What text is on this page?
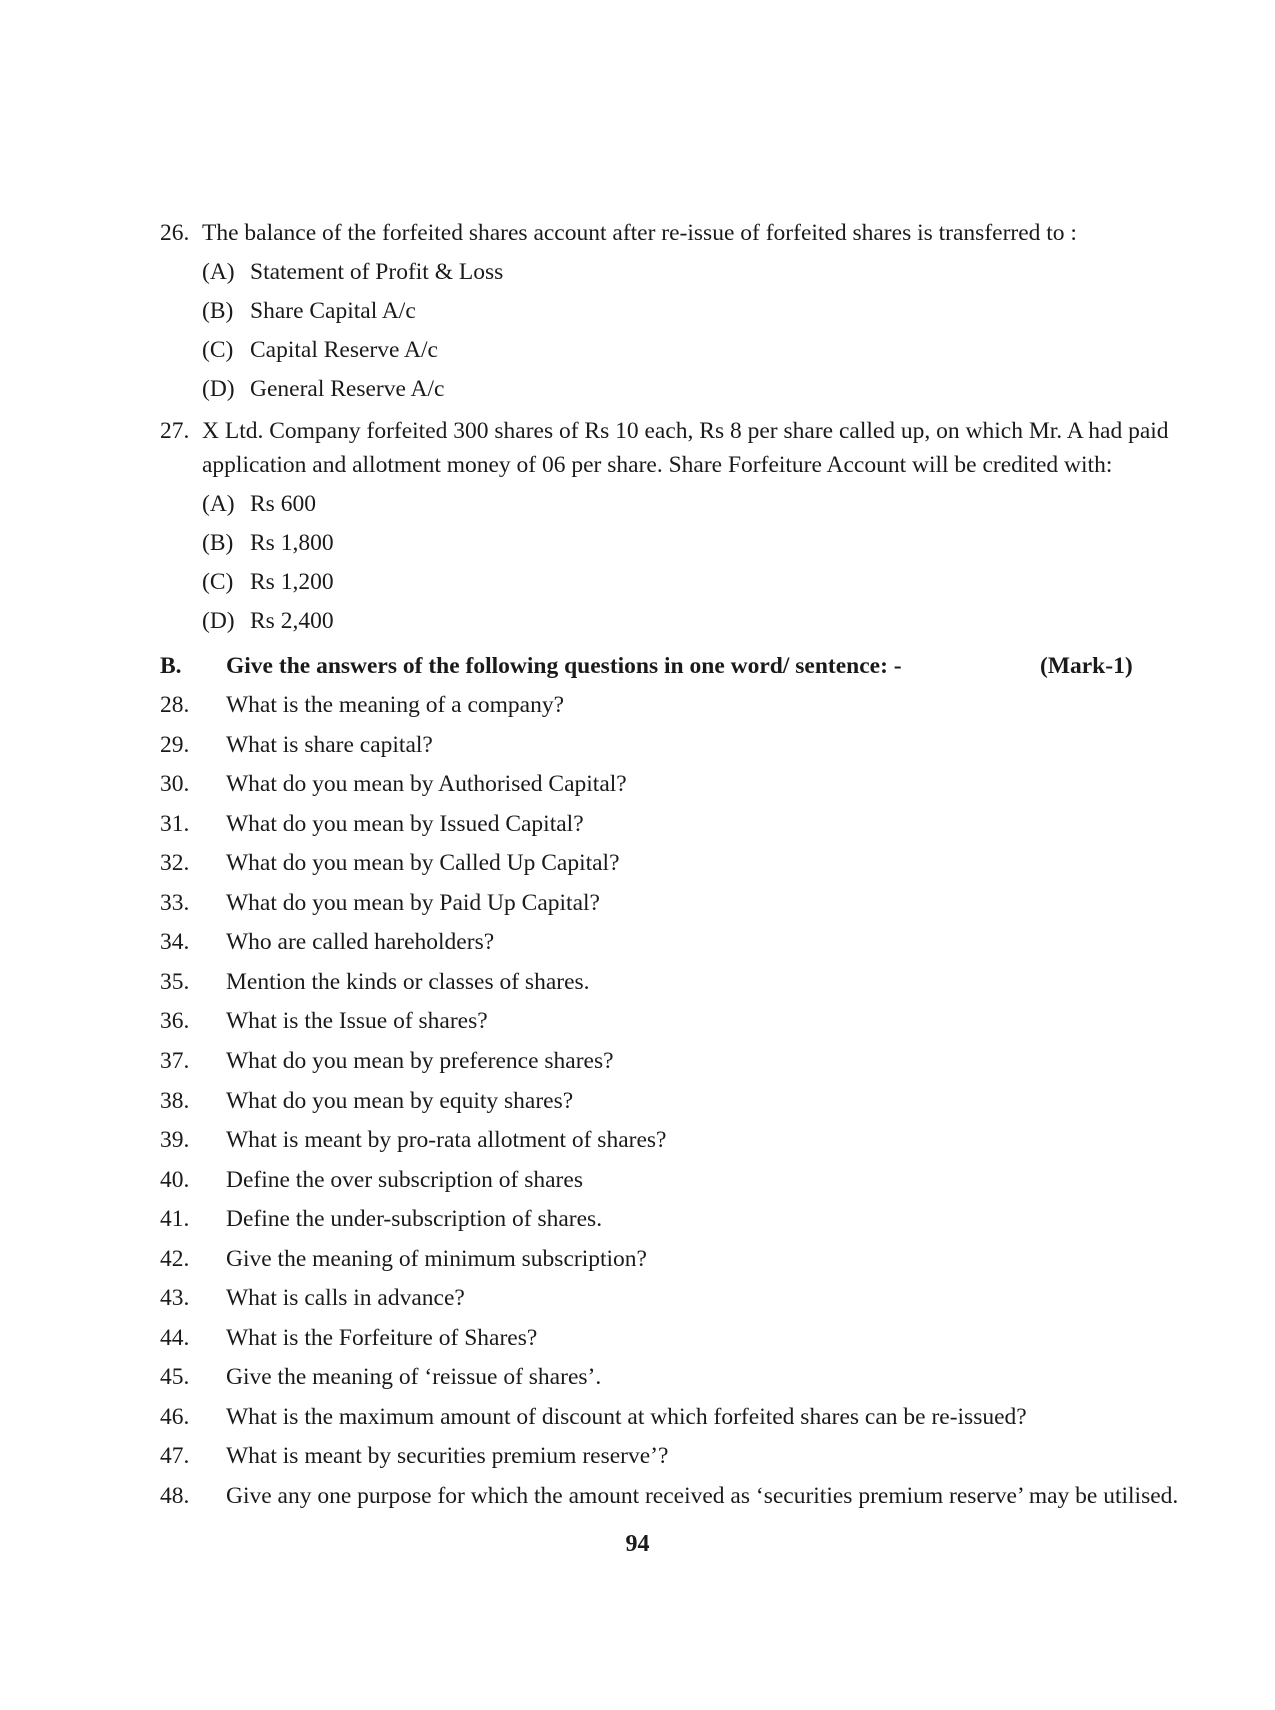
26. The balance of the forfeited shares account after re-issue of forfeited shares is transferred to :
(A) Statement of Profit & Loss
(B) Share Capital A/c
(C) Capital Reserve A/c
(D) General Reserve A/c
27. X Ltd. Company forfeited 300 shares of Rs 10 each, Rs 8 per share called up, on which Mr. A had paid
application and allotment money of 06 per share. Share Forfeiture Account will be credited with:
(A) Rs 600
(B) Rs 1,800
(C) Rs 1,200
(D) Rs 2,400
B. Give the answers of the following questions in one word/ sentence: -	(Mark-1)
28. What is the meaning of a company?
29. What is share capital?
30. What do you mean by Authorised Capital?
31. What do you mean by Issued Capital?
32. What do you mean by Called Up Capital?
33. What do you mean by Paid Up Capital?
34. Who are called hareholders?
35. Mention the kinds or classes of shares.
36. What is the Issue of shares?
37. What do you mean by preference shares?
38. What do you mean by equity shares?
39. What is meant by pro-rata allotment of shares?
40. Define the over subscription of shares
41. Define the under-subscription of shares.
42. Give the meaning of minimum subscription?
43. What is calls in advance?
44. What is the Forfeiture of Shares?
45. Give the meaning of ‘reissue of shares’.
46. What is the maximum amount of discount at which forfeited shares can be re-issued?
47. What is meant by securities premium reserve’?
48. Give any one purpose for which the amount received as ‘securities premium reserve’ may be utilised.
94
